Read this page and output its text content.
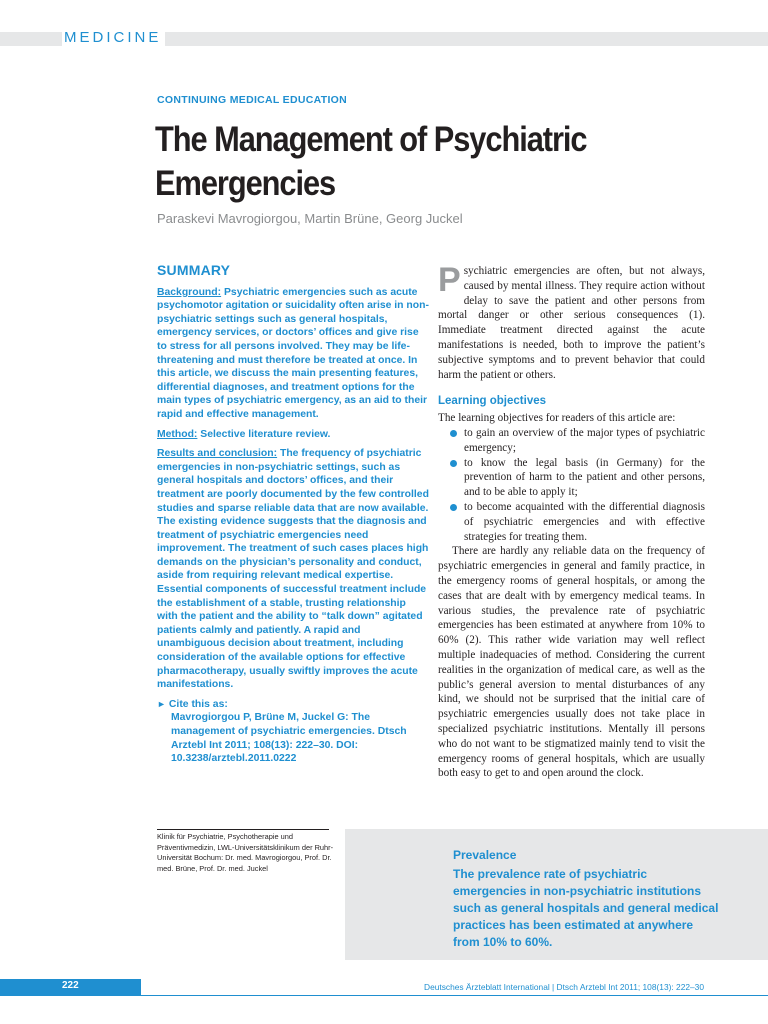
MEDICINE
CONTINUING MEDICAL EDUCATION
The Management of Psychiatric Emergencies
Paraskevi Mavrogiorgou, Martin Brüne, Georg Juckel
SUMMARY

Background: Psychiatric emergencies such as acute psychomotor agitation or suicidality often arise in non-psychiatric settings such as general hospitals, emergency services, or doctors’ offices and give rise to stress for all persons involved. They may be life-threatening and must therefore be treated at once. In this article, we discuss the main presenting features, differential diagnoses, and treatment options for the main types of psychiatric emergency, as an aid to their rapid and effective management.

Method: Selective literature review.

Results and conclusion: The frequency of psychiatric emergencies in non-psychiatric settings, such as general hospitals and doctors’ offices, and their treatment are poorly documented by the few controlled studies and sparse reliable data that are now available. The existing evidence suggests that the diagnosis and treatment of psychiatric emergencies need improvement. The treatment of such cases places high demands on the physician’s personality and conduct, aside from requiring relevant medical expertise. Essential components of successful treatment include the establishment of a stable, trusting relationship with the patient and the ability to “talk down” agitated patients calmly and patiently. A rapid and unambiguous decision about treatment, including consideration of the available options for effective pharmacotherapy, usually swiftly improves the acute manifestations.

► Cite this as:
Mavrogiorgou P, Brüne M, Juckel G: The management of psychiatric emergencies. Dtsch Arztebl Int 2011; 108(13): 222–30. DOI: 10.3238/arztebl.2011.0222

Psychiatric emergencies are often, but not always, caused by mental illness. They require action without delay to save the patient and other persons from mortal danger or other serious consequences (1). Immediate treatment directed against the acute manifestations is needed, both to improve the patient’s subjective symptoms and to prevent behavior that could harm the patient or others.

Learning objectives

The learning objectives for readers of this article are:

to gain an overview of the major types of psychiatric emergency;
to know the legal basis (in Germany) for the prevention of harm to the patient and other persons, and to be able to apply it;
to become acquainted with the differential diagnosis of psychiatric emergencies and with effective strategies for treating them.

There are hardly any reliable data on the frequency of psychiatric emergencies in general and family practice, in the emergency rooms of general hospitals, or among the cases that are dealt with by emergency medical teams. In various studies, the prevalence rate of psychiatric emergencies has been estimated at anywhere from 10% to 60% (2). This rather wide variation may well reflect multiple inadequacies of method. Considering the current realities in the organization of medical care, as well as the public’s general aversion to mental disturbances of any kind, we should not be surprised that the initial care of psychiatric emergencies usually does not take place in specialized psychiatric institutions. Mentally ill persons who do not want to be stigmatized mainly tend to visit the emergency rooms of general hospitals, which are usually both easy to get to and open around the clock.

Klinik für Psychiatrie, Psychotherapie und Präventivmedizin, LWL-Universitätsklinikum der Ruhr-Universität Bochum: Dr. med. Mavrogiorgou, Prof. Dr. med. Brüne, Prof. Dr. med. Juckel
Prevalence
The prevalence rate of psychiatric emergencies in non-psychiatric institutions such as general hospitals and general medical practices has been estimated at anywhere from 10% to 60%.
222	Deutsches Ärzteblatt International | Dtsch Arztebl Int 2011; 108(13): 222–30
